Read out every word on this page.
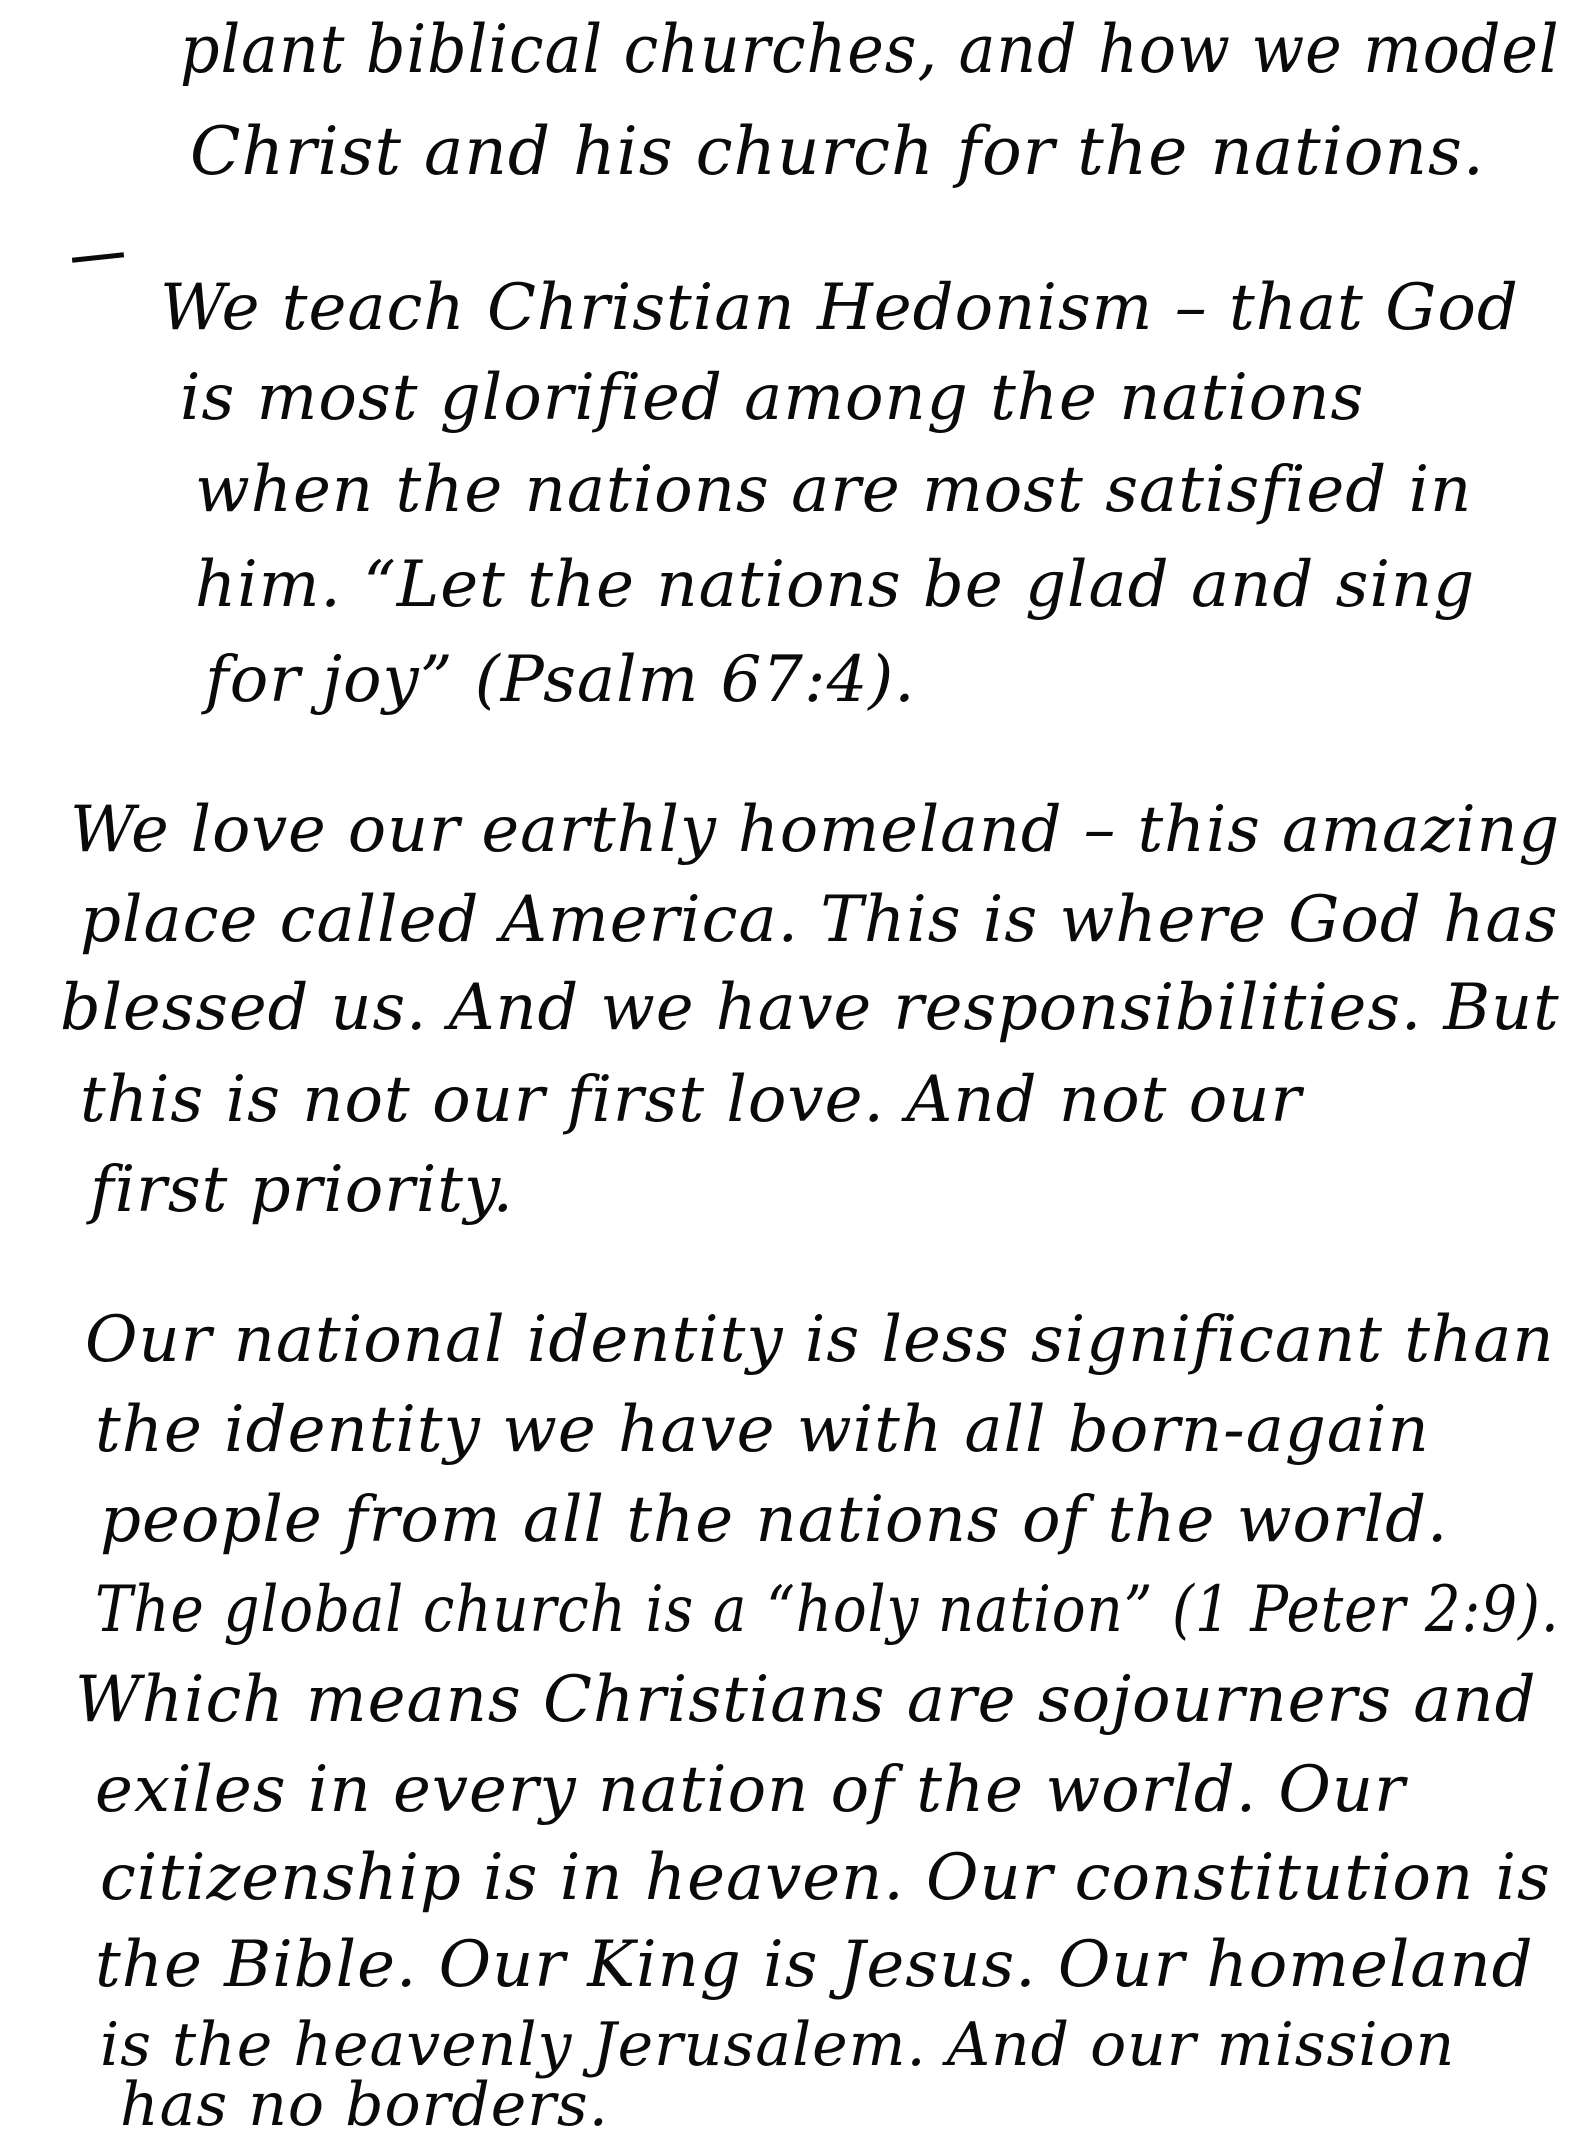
plant biblical churches, and how we model
Christ and his church for the nations.
We teach Christian Hedonism – that God
is most glorified among the nations
when the nations are most satisfied in
him. “Let the nations be glad and sing
for joy” (Psalm 67:4).
We love our earthly homeland – this amazing
place called America. This is where God has
blessed us. And we have responsibilities. But
this is not our first love. And not our
first priority.
Our national identity is less significant than
the identity we have with all born-again
people from all the nations of the world.
The global church is a “holy nation” (1 Peter 2:9).
Which means Christians are sojourners and
exiles in every nation of the world. Our
citizenship is in heaven. Our constitution is
the Bible. Our King is Jesus. Our homeland
is the heavenly Jerusalem. And our mission
has no borders.
